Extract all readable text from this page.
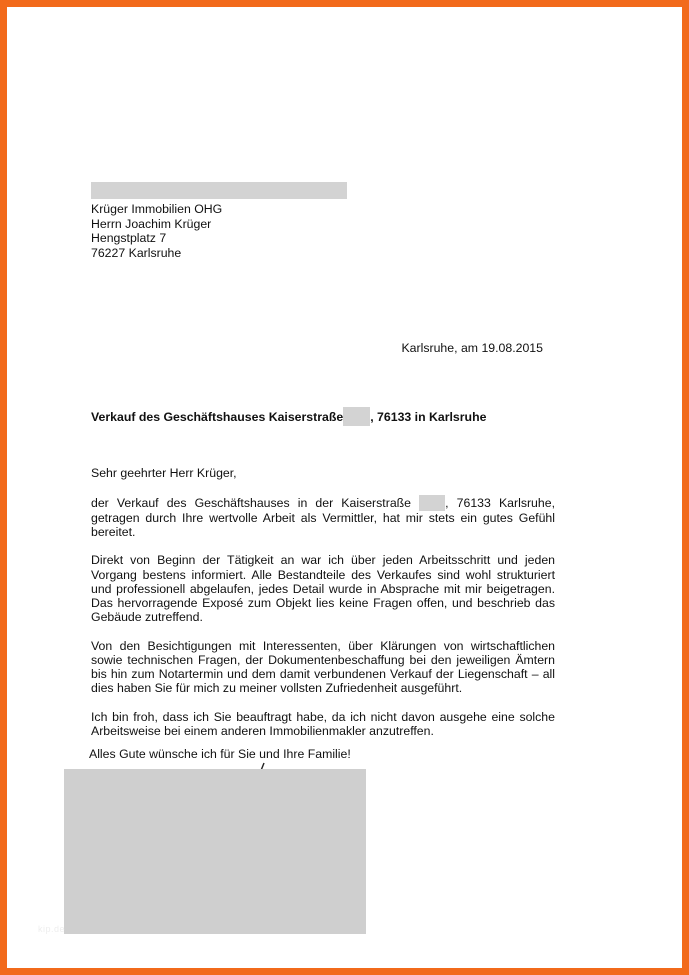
Krüger Immobilien OHG
Herrn Joachim Krüger
Hengstplatz 7
76227 Karlsruhe
Karlsruhe, am 19.08.2015
Verkauf des Geschäftshauses Kaiserstraße , 76133 in Karlsruhe

Sehr geehrter Herr Krüger,

der Verkauf des Geschäftshauses in der Kaiserstraße	, 76133 Karlsruhe, getragen durch Ihre wertvolle Arbeit als Vermittler, hat mir stets ein gutes Gefühl bereitet.

Direkt von Beginn der Tätigkeit an war ich über jeden Arbeitsschritt und jeden Vorgang bestens informiert. Alle Bestandteile des Verkaufes sind wohl strukturiert und professionell abgelaufen, jedes Detail wurde in Absprache mit mir beigetragen. Das hervorragende Exposé zum Objekt lies keine Fragen offen, und beschrieb das Gebäude zutreffend.

Von den Besichtigungen mit Interessenten, über Klärungen von wirtschaftlichen sowie technischen Fragen, der Dokumentenbeschaffung bei den jeweiligen Ämtern bis hin zum Notartermin und dem damit verbundenen Verkauf der Liegenschaft – all dies haben Sie für mich zu meiner vollsten Zufriedenheit ausgeführt.

Ich bin froh, dass ich Sie beauftragt habe, da ich nicht davon ausgehe eine solche Arbeitsweise bei einem anderen Immobilienmakler anzutreffen.

Alles Gute wünsche ich für Sie und Ihre Familie!
kip.de
